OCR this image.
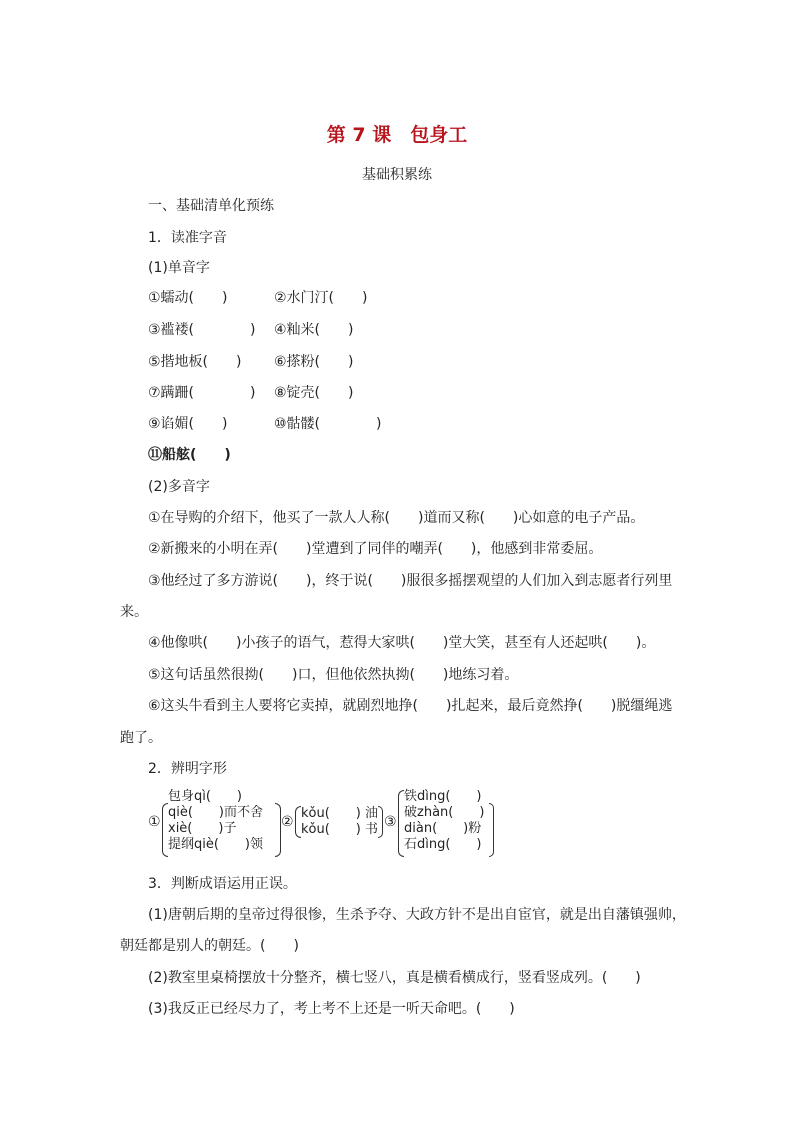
第 7 课　包身工
基础积累练
一、基础清单化预练
1．读准字音
(1)单音字
①蠕动(　　)	②水门汀(　　)
③褴褛(　　　　) ④籼米(　　)
⑤揩地板(　　) ⑥搽粉(　　)
⑦蹒跚(　　　　) ⑧锭壳(　　)
⑨谄媚(　　)	⑩骷髅(　　　　)
⑪船舷(　　)
(2)多音字
①在导购的介绍下，他买了一款人人称(　　)道而又称(　　)心如意的电子产品。
②新搬来的小明在弄(　　)堂遭到了同伴的嘲弄(　　)，他感到非常委屈。
③他经过了多方游说(　　)，终于说(　　)服很多摇摆观望的人们加入到志愿者行列里
来。
④他像哄(　　)小孩子的语气，惹得大家哄(　　)堂大笑，甚至有人还起哄(　　)。
⑤这句话虽然很拗(　　)口，但他依然执拗(　　)地练习着。
⑥这头牛看到主人要将它卖掉，就剧烈地挣(　　)扎起来，最后竟然挣(　　)脱缰绳逃
跑了。
2．辨明字形
①
包身qì(　　)
qiè(　　)而不舍
xiè(　　)子
提纲qiè(　　)领
②
kǒu(　　)
kǒu(　　)
油
书 ③
铁dìng(　　)
破zhàn(　　)
diàn(　　)粉
石dìng(　　)
3．判断成语运用正误。
(1)唐朝后期的皇帝过得很惨，生杀予夺、大政方针不是出自宦官，就是出自藩镇强帅，
朝廷都是别人的朝廷。(　　)
(2)教室里桌椅摆放十分整齐，横七竖八，真是横看横成行，竖看竖成列。(　　)
(3)我反正已经尽力了，考上考不上还是一听天命吧。(　　)
